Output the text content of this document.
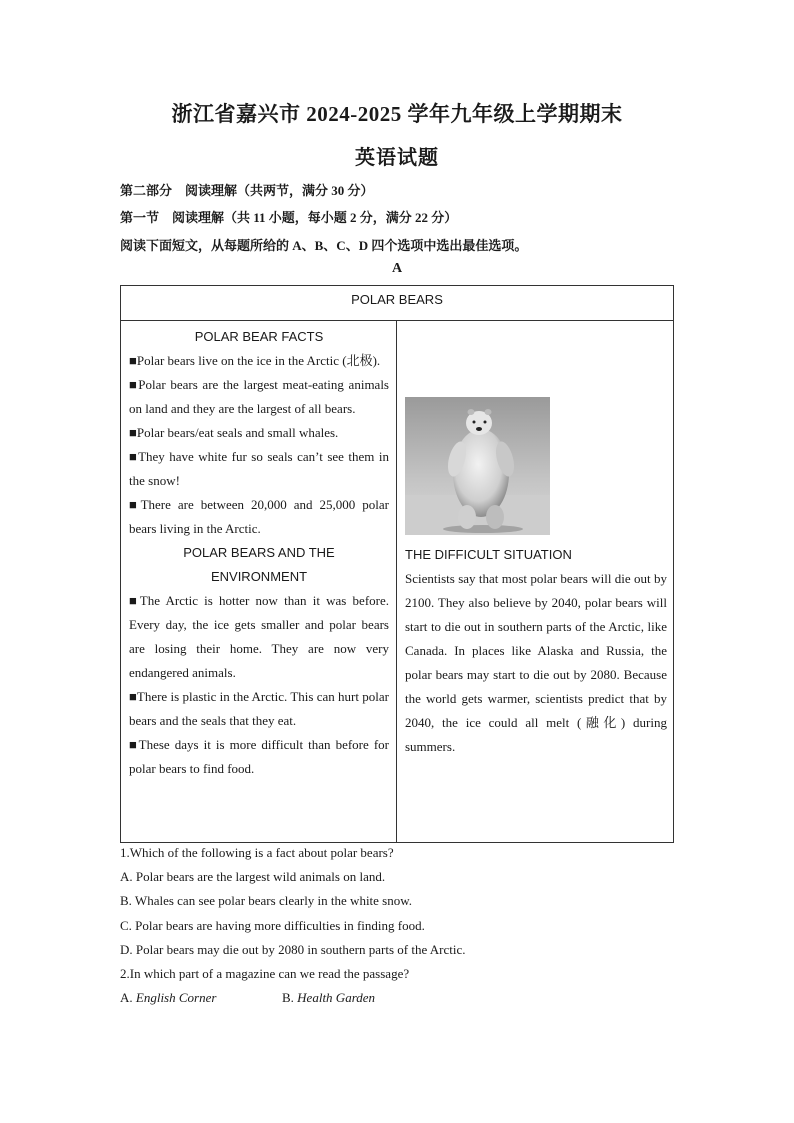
浙江省嘉兴市 2024-2025 学年九年级上学期期末
英语试题
第二部分　阅读理解（共两节，满分 30 分）
第一节　阅读理解（共 11 小题，每小题 2 分，满分 22 分）
阅读下面短文，从每题所给的 A、B、C、D 四个选项中选出最佳选项。
A
POLAR BEARS

POLAR BEAR FACTS

■Polar bears live on the ice in the Arctic (北极).

■Polar bears are the largest meat-eating animals on land and they are the largest of all bears.

■Polar bears/eat seals and small whales.

■They have white fur so seals can’t see them in the snow!

■There are between 20,000 and 25,000 polar bears living in the Arctic.

POLAR BEARS AND THE ENVIRONMENT

■The Arctic is hotter now than it was before. Every day, the ice gets smaller and polar bears are losing their home. They are now very endangered animals.

■There is plastic in the Arctic. This can hurt polar bears and the seals that they eat.

■These days it is more difficult than before for polar bears to find food.

THE DIFFICULT SITUATION

Scientists say that most polar bears will die out by 2100. They also believe by 2040, polar bears will start to die out in southern parts of the Arctic, like Canada. In places like Alaska and Russia, the polar bears may start to die out by 2080. Because the world gets warmer, scientists predict that by 2040, the ice could all melt (融化) during summers.

1.Which of the following is a fact about polar bears?
A. Polar bears are the largest wild animals on land.
B. Whales can see polar bears clearly in the white snow.
C. Polar bears are having more difficulties in finding food.
D. Polar bears may die out by 2080 in southern parts of the Arctic.
2.In which part of a magazine can we read the passage?
A. English Corner	B. Health Garden
